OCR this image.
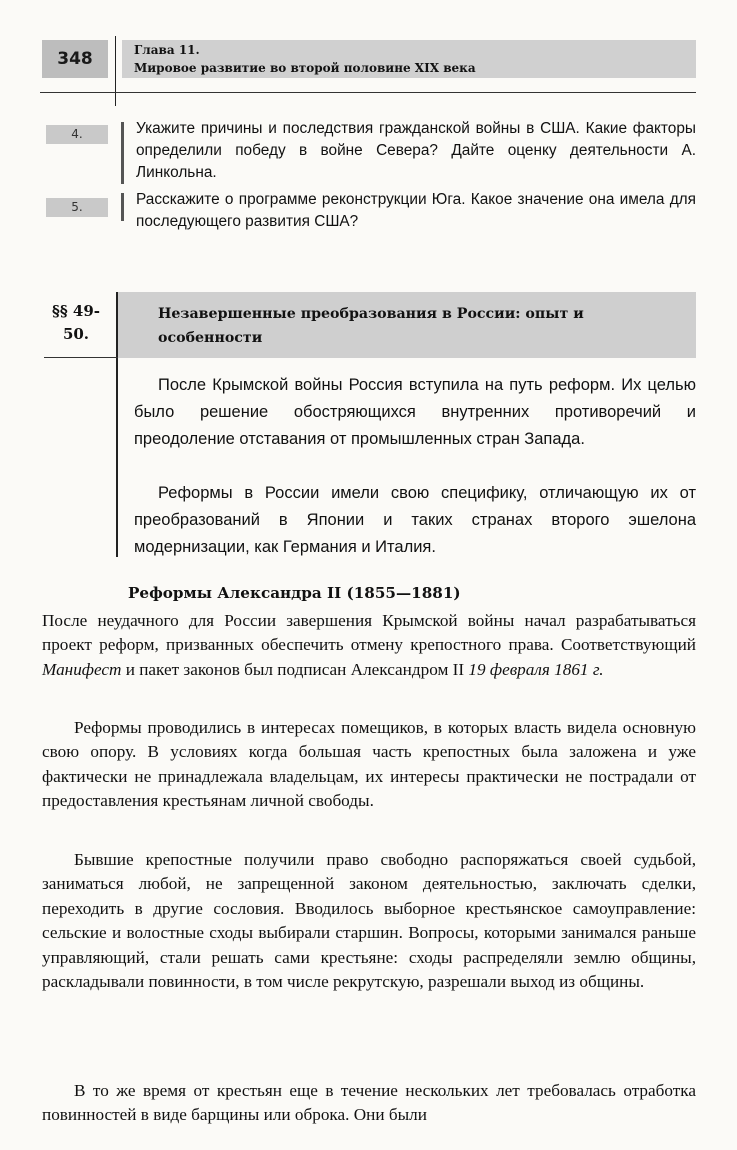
348	Глава 11.
Мировое развитие во второй половине XIX века
4.	Укажите причины и последствия гражданской войны в США. Какие факторы определили победу в войне Севера? Дайте оценку деятельности А. Линкольна.
5.	Расскажите о программе реконструкции Юга. Какое значение она имела для последующего развития США?
§§ 49-50.
Незавершенные преобразования в России: опыт и особенности
После Крымской войны Россия вступила на путь реформ. Их целью было решение обостряющихся внутренних противоречий и преодоление отставания от промышленных стран Запада.
Реформы в России имели свою специфику, отличающую их от преобразований в Японии и таких странах второго эшелона модернизации, как Германия и Италия.
Реформы Александра II (1855—1881)
После неудачного для России завершения Крымской войны начал разрабатываться проект реформ, призванных обеспечить отмену крепостного права. Соответствующий Манифест и пакет законов был подписан Александром II 19 февраля 1861 г.
Реформы проводились в интересах помещиков, в которых власть видела основную свою опору. В условиях когда большая часть крепостных была заложена и уже фактически не принадлежала владельцам, их интересы практически не пострадали от предоставления крестьянам личной свободы.
Бывшие крепостные получили право свободно распоряжаться своей судьбой, заниматься любой, не запрещенной законом деятельностью, заключать сделки, переходить в другие сословия. Вводилось выборное крестьянское самоуправление: сельские и волостные сходы выбирали старшин. Вопросы, которыми занимался раньше управляющий, стали решать сами крестьяне: сходы распределяли землю общины, раскладывали повинности, в том числе рекрутскую, разрешали выход из общины.
В то же время от крестьян еще в течение нескольких лет требовалась отработка повинностей в виде барщины или оброка. Они были
